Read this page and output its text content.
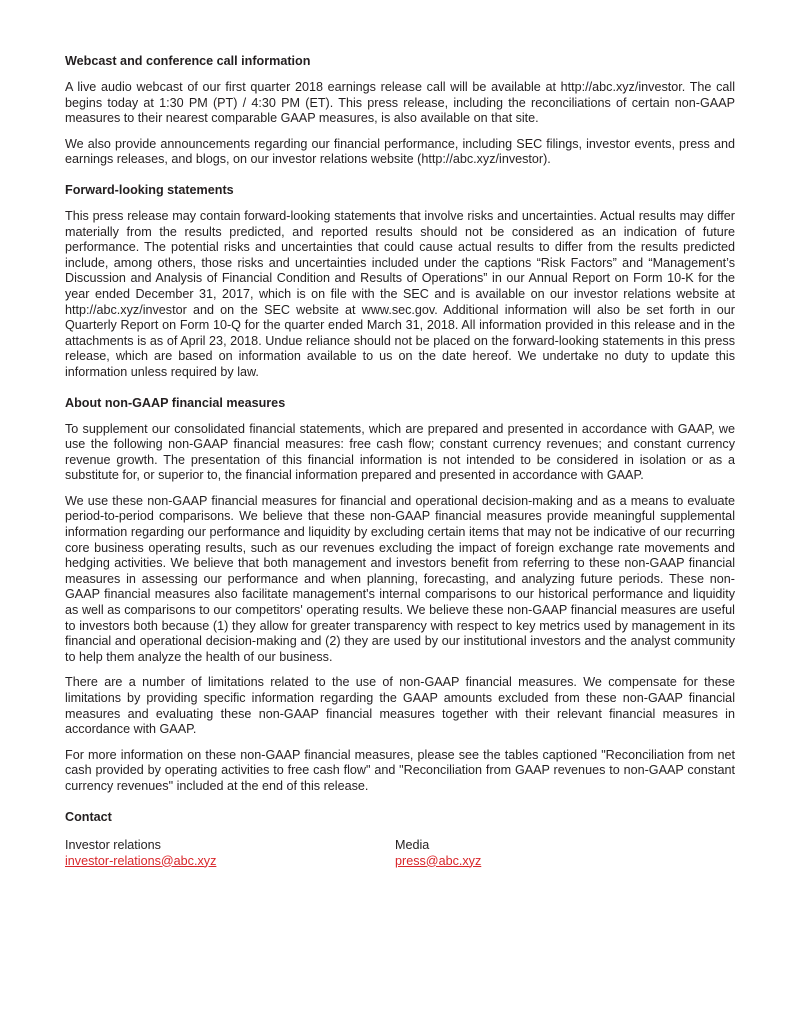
Webcast and conference call information

A live audio webcast of our first quarter 2018 earnings release call will be available at http://abc.xyz/investor. The call begins today at 1:30 PM (PT) / 4:30 PM (ET). This press release, including the reconciliations of certain non-GAAP measures to their nearest comparable GAAP measures, is also available on that site.

We also provide announcements regarding our financial performance, including SEC filings, investor events, press and earnings releases, and blogs, on our investor relations website (http://abc.xyz/investor).

Forward-looking statements

This press release may contain forward-looking statements that involve risks and uncertainties. Actual results may differ materially from the results predicted, and reported results should not be considered as an indication of future performance. The potential risks and uncertainties that could cause actual results to differ from the results predicted include, among others, those risks and uncertainties included under the captions “Risk Factors” and “Management’s Discussion and Analysis of Financial Condition and Results of Operations” in our Annual Report on Form 10-K for the year ended December 31, 2017, which is on file with the SEC and is available on our investor relations website at http://abc.xyz/investor and on the SEC website at www.sec.gov. Additional information will also be set forth in our Quarterly Report on Form 10-Q for the quarter ended March 31, 2018. All information provided in this release and in the attachments is as of April 23, 2018. Undue reliance should not be placed on the forward-looking statements in this press release, which are based on information available to us on the date hereof. We undertake no duty to update this information unless required by law.

About non-GAAP financial measures

To supplement our consolidated financial statements, which are prepared and presented in accordance with GAAP, we use the following non-GAAP financial measures: free cash flow; constant currency revenues; and constant currency revenue growth. The presentation of this financial information is not intended to be considered in isolation or as a substitute for, or superior to, the financial information prepared and presented in accordance with GAAP.

We use these non-GAAP financial measures for financial and operational decision-making and as a means to evaluate period-to-period comparisons. We believe that these non-GAAP financial measures provide meaningful supplemental information regarding our performance and liquidity by excluding certain items that may not be indicative of our recurring core business operating results, such as our revenues excluding the impact of foreign exchange rate movements and hedging activities. We believe that both management and investors benefit from referring to these non-GAAP financial measures in assessing our performance and when planning, forecasting, and analyzing future periods. These non-GAAP financial measures also facilitate management's internal comparisons to our historical performance and liquidity as well as comparisons to our competitors' operating results. We believe these non-GAAP financial measures are useful to investors both because (1) they allow for greater transparency with respect to key metrics used by management in its financial and operational decision-making and (2) they are used by our institutional investors and the analyst community to help them analyze the health of our business.

There are a number of limitations related to the use of non-GAAP financial measures. We compensate for these limitations by providing specific information regarding the GAAP amounts excluded from these non-GAAP financial measures and evaluating these non-GAAP financial measures together with their relevant financial measures in accordance with GAAP.

For more information on these non-GAAP financial measures, please see the tables captioned "Reconciliation from net cash provided by operating activities to free cash flow" and "Reconciliation from GAAP revenues to non-GAAP constant currency revenues" included at the end of this release.

Contact
Investor relations
investor-relations@abc.xyz
Media
press@abc.xyz
